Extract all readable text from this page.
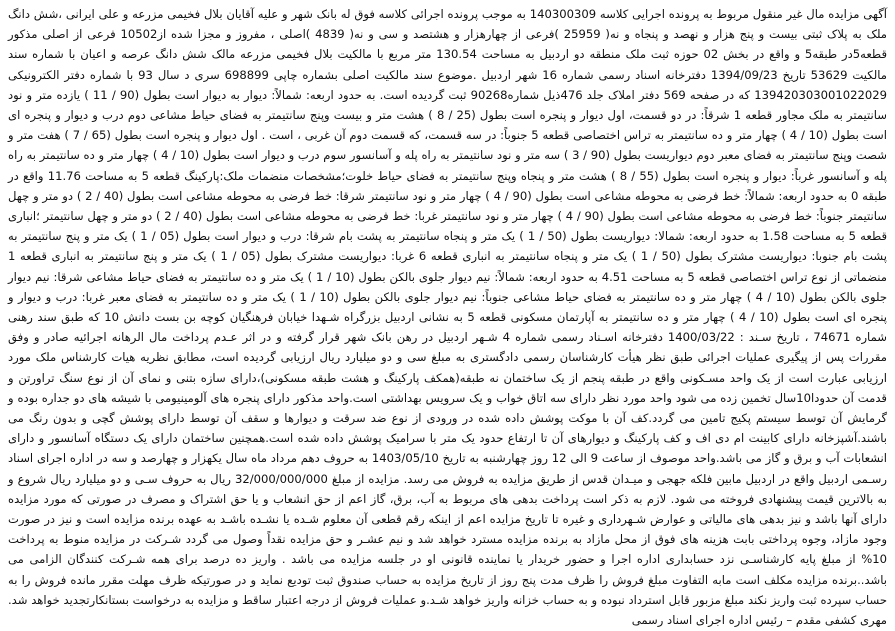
آگهی مزایده مال غیر منقول مربوط به پرونده اجرایی کلاسه 140300309 به موجب پرونده اجرائی کلاسه فوق له بانک شهر و علیه آقایان بلال فخیمی مزرعه و علی ایرانی ،شش دانگ ملک به پلاک ثبتی بیست و پنج هزار و نهصد و پنجاه و نه( 25959 )فرعی از چهارهزار و هشتصد و سی و نه( 4839 )اصلی ، مفروز و مجزا شده از10502 فرعی از اصلی مذکور قطعه5در طبقه5 و واقع در بخش 02 حوزه ثبت ملک منطقه دو اردبیل به مساحت 130.54 متر مربع با مالکیت بلال فخیمی مزرعه مالک شش دانگ عرصه و اعیان با شماره سند مالکیت 53629 تاریخ 1394/09/23 دفترخانه اسناد رسمی شماره 16 شهر اردبیل .موضوع سند مالکیت اصلی بشماره چاپی 698899 سری د سال 93 با شماره دفتر الکترونیکی 139420303001022029 که در صفحه 569 دفتر املاک جلد 476ذیل شماره90268 ثبت گردیده است. به حدود اربعه: شمالاً: دیوار به دیوار است بطول (90 / 11 ) یازده متر و نود سانتیمتر به ملک مجاور قطعه 1 شرقاً: در دو قسمت، اول دیوار و پنجره است بطول (25 / 8 ) هشت متر و بیست وپنج سانتیمتر به فضای حیاط مشاعی دوم درب و دیوار و پنجره ای است بطول (10 / 4 ) چهار متر و ده سانتیمتر به تراس اختصاصی قطعه 5 جنوباً: در سه قسمت، که قسمت دوم آن غربی ، است . اول دیوار و پنجره است بطول (65 / 7 ) هفت متر و شصت وپنج سانتیمتر به فضای معبر دوم دیواریست بطول (90 / 3 ) سه متر و نود سانتیمتر به راه پله و آسانسور سوم درب و دیوار است بطول (10 / 4 ) چهار متر و ده سانتیمتر به راه پله و آسانسور غرباً: دیوار و پنجره است بطول (55 / 8 ) هشت متر و پنجاه وپنج سانتیمتر به فضای حیاط خلوت؛مشخصات منضمات ملک:پارکینگ قطعه 5 به مساحت 11.76 واقع در طبقه 0 به حدود اربعه: شمالاً: خط فرضی به محوطه مشاعی است بطول (90 / 4 ) چهار متر و نود سانتیمتر شرقا: خط فرضی به محوطه مشاعی است بطول (40 / 2 ) دو متر و چهل سانتیمتر جنوباً: خط فرضی به محوطه مشاعی است بطول (90 / 4 ) چهار متر و نود سانتیمتر غربا: خط فرضی به محوطه مشاعی است بطول (40 / 2 ) دو متر و چهل سانتیمتر ؛انباری قطعه 5 به مساحت 1.58 به حدود اربعه: شمالا: دیواریست بطول (50 / 1 ) یک متر و پنجاه سانتیمتر به پشت بام شرقا: درب و دیوار است بطول (05 / 1 ) یک متر و پنج سانتیمتر به پشت بام جنوبا: دیواریست مشترک بطول (50 / 1 ) یک متر و پنجاه سانتیمتر به انباری قطعه 6 غربا: دیواریست مشترک بطول (05 / 1 ) یک متر و پنج سانتیمتر به انباری قطعه 1 منضماتی از نوع تراس اختصاصی قطعه 5 به مساحت 4.51 به حدود اربعه: شمالاً: نیم دیوار جلوی بالکن بطول (10 / 1 ) یک متر و ده سانتیمتر به فضای حیاط مشاعی شرقا: نیم دیوار جلوی بالکن بطول (10 / 4 ) چهار متر و ده سانتیمتر به فضای حیاط مشاعی جنوباً: نیم دیوار جلوی بالکن بطول (10 / 1 ) یک متر و ده سانتیمتر به فضای معبر غربا: درب و دیوار و پنجره ای است بطول (10 / 4 ) چهار متر و ده سانتیمتر به آپارتمان مسکونی قطعه 5 به نشانی اردبیل بزرگراه شـهدا خیابان فرهنگیان کوچه بن بست دانش 10 که طبق سند رهنی شماره 74671 ، تاریخ سـند : 1400/03/22 دفترخانه اسـناد رسمی شماره 4 شـهر اردبیل در رهن بانک شهر قرار گرفته و در اثر عـدم پرداخت مال الرهانه اجرائیه صادر و وفق مقررات پس از پیگیری عملیات اجرائی طبق نظر هیأت کارشناسان رسمی دادگستری به مبلغ سی و دو میلیارد ریال ارزیابی گردیده است، مطابق نظریه هیات کارشناس ملک مورد ارزیابی عبارت است از یک واحد مسـکونی واقع در طبقه پنجم از یک ساختمان نه طبقه(همکف پارکینگ و هشت طبقه مسکونی)،دارای سازه بتنی و نمای آن از نوع سنگ تراورتن و قدمت آن حدودا10سال تخمین زده می شود واحد مورد نظر دارای سه اتاق خواب و یک سرویس بهداشتی است.واحد مذکور دارای پنجره های آلومینیومی با شیشه های دو جداره بوده و گرمایش آن توسط سیستم پکیج تامین می گردد.کف آن با موکت پوشش داده شده در ورودی از نوع ضد سرقت و دیوارها و سقف آن توسط دارای پوشش گچی و بدون رنگ می باشند.آشپزخانه دارای کابینت ام دی اف و کف پارکینگ و دیوارهای آن تا ارتفاع حدود یک متر با سرامیک پوشش داده شده است.همچنین ساختمان دارای یک دستگاه آسانسور و دارای انشعابات آب و برق و گاز می باشد.واحد موصوف از ساعت 9 الی 12 روز چهارشنبه به تاریخ 1403/05/10 به حروف دهم مرداد ماه سال یکهزار و چهارصد و سه در اداره اجرای اسناد رسـمی اردبیل واقع در اردبیل مابین فلکه جهجی و میـدان قدس از طریق مزایده به فروش می رسد. مزایده از مبلغ 32/000/000/000 ریال به حروف سـی و دو میلیارد ریال شروع و به بالاترین قیمت پیشنهادی فروخته می شود. لازم به ذکر است پرداخت بدهی های مربوط به آب، برق، گاز اعم از حق انشعاب و یا حق اشتراک و مصرف در صورتی که مورد مزایده دارای آنها باشد و نیز بدهی های مالیاتی و عوارض شـهرداری و غیره تا تاریخ مزایده اعم از اینکه رقم قطعی آن معلوم شـده یا نشـده باشـد به عهده برنده مزایده است و نیز در صورت وجود مازاد، وجوه پرداختی بابت هزینه های فوق از محل مازاد به برنده مزایده مسترد خواهد شد و نیم عشـر و حق مزایده نقداً وصول می گردد شـرکت در مزایده منوط به پرداخت 10% از مبلغ پایه کارشناسـی نزد حسابداری اداره اجرا و حضور خریدار یا نماینده قانونی او در جلسه مزایده می باشد . واریز ده درصد برای همه شـرکت کنندگان الزامی می باشد..برنده مزایده مکلف است مابه التفاوت مبلغ فروش را ظرف مدت پنج روز از تاریخ مزایده به حساب صندوق ثبت تودیع نماید و در صورتیکه ظرف مهلت مقرر مانده فروش را به حساب سپرده ثبت واریز نکند مبلغ مزبور قابل استرداد نبوده و به حساب خزانه واریز خواهد شـد.و عملیات فروش از درجه اعتبار ساقط و مزایده به درخواست بستانکارتجدید خواهد شد. مهری کشفی مقدم – رئیس اداره اجرای اسناد رسمی
